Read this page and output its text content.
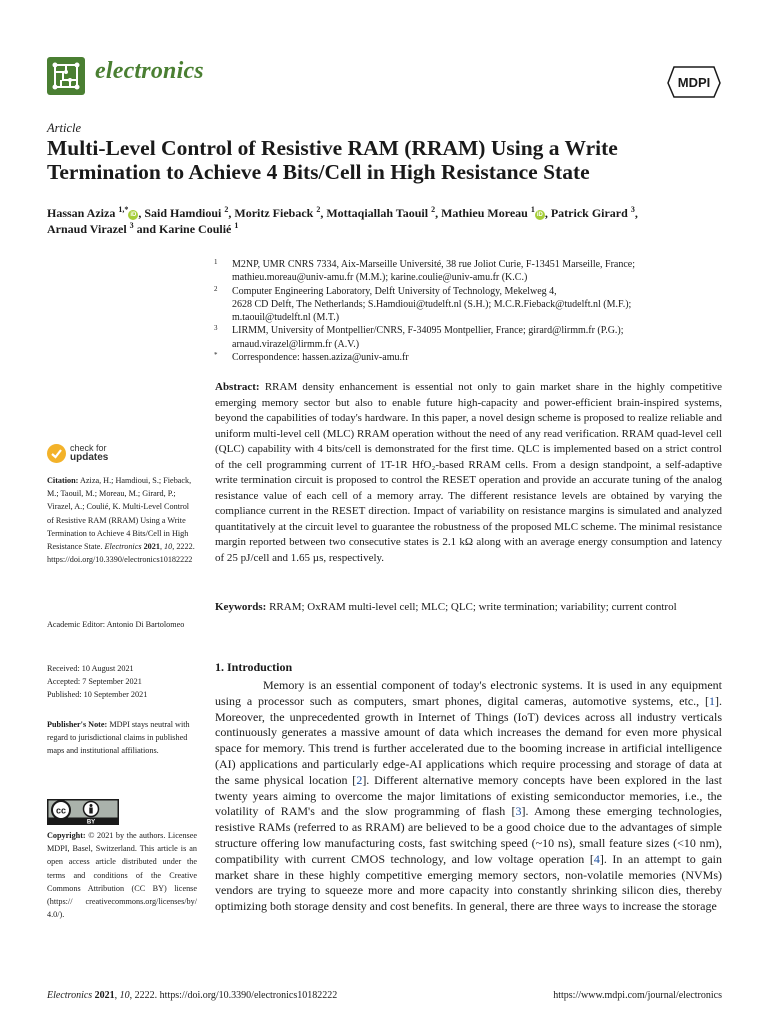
electronics	MDPI
Article
Multi-Level Control of Resistive RAM (RRAM) Using a Write
Termination to Achieve 4 Bits/Cell in High Resistance State
Hassan Aziza $^{1,*}$iD , Said Hamdioui $^2$, Moritz Fieback $^2$, Mottaqiallah Taouil $^2$, Mathieu Moreau $^1$iD , Patrick Girard $^3$,
Arnaud Virazel $^3$ and Karine Coulié $^1$
1 M2NP, UMR CNRS 7334, Aix-Marseille Université, 38 rue Joliot Curie, F-13451 Marseille, France;
mathieu.moreau@univ-amu.fr (M.M.); karine.coulie@univ-amu.fr (K.C.)
2 Computer Engineering Laboratory, Delft University of Technology, Mekelweg 4,
2628 CD Delft, The Netherlands; S.Hamdioui@tudelft.nl (S.H.); M.C.R.Fieback@tudelft.nl (M.F.);
m.taouil@tudelft.nl (M.T.)
3 LIRMM, University of Montpellier/CNRS, F-34095 Montpellier, France; girard@lirmm.fr (P.G.);
arnaud.virazel@lirmm.fr (A.V.)
* Correspondence: hassen.aziza@univ-amu.fr
Abstract: RRAM density enhancement is essential not only to gain market share in the highly competitive emerging memory sector but also to enable future high-capacity and power-efficient brain-inspired systems, beyond the capabilities of today's hardware. In this paper, a novel design scheme is proposed to realize reliable and uniform multi-level cell (MLC) RRAM operation without the need of any read verification. RRAM quad-level cell (QLC) capability with 4 bits/cell is demonstrated for the first time. QLC is implemented based on a strict control of the cell programming current of 1T-1R HfO₂-based RRAM cells. From a design standpoint, a self-adaptive write termination circuit is proposed to control the RESET operation and provide an accurate tuning of the analog resistance value of each cell of a memory array. The different resistance levels are obtained by varying the compliance current in the RESET direction. Impact of variability on resistance margins is simulated and analyzed quantitatively at the circuit level to guarantee the robustness of the proposed MLC scheme. The minimal resistance margin reported between two consecutive states is 2.1 kΩ along with an average energy consumption and latency of 25 pJ/cell and 1.65 µs, respectively.
Keywords: RRAM; OxRAM multi-level cell; MLC; QLC; write termination; variability; current control
check for
updates
Citation: Aziza, H.; Hamdioui, S.; Fieback, M.; Taouil, M.; Moreau, M.; Girard, P.; Virazel, A.; Coulié, K. Multi-Level Control of Resistive RAM (RRAM) Using a Write Termination to Achieve 4 Bits/Cell in High Resistance State. Electronics 2021, 10, 2222. https://doi.org/10.3390/electronics10182222
Academic Editor: Antonio Di Bartolomeo
Received: 10 August 2021
Accepted: 7 September 2021
Published: 10 September 2021
Publisher's Note: MDPI stays neutral with regard to jurisdictional claims in published maps and institutional affiliations.
cc
BY
Copyright: © 2021 by the authors. Licensee MDPI, Basel, Switzerland. This article is an open access article distributed under the terms and conditions of the Creative Commons Attribution (CC BY) license (https:// creativecommons.org/licenses/by/ 4.0/).
1. Introduction
Memory is an essential component of today's electronic systems. It is used in any equipment using a processor such as computers, smart phones, digital cameras, automotive systems, etc., [1]. Moreover, the unprecedented growth in Internet of Things (IoT) devices across all industry verticals continuously generates a massive amount of data which increases the demand for even more physical space for memory. This trend is further accelerated due to the booming increase in artificial intelligence (AI) applications and particularly edge-AI applications which require processing and storage of data at the same physical location [2]. Different alternative memory concepts have been explored in the last twenty years aiming to overcome the major limitations of existing semiconductor memories, i.e., the volatility of RAM's and the slow programming of flash [3]. Among these emerging technologies, resistive RAMs (referred to as RRAM) are believed to be a good choice due to the advantages of simple structure offering low manufacturing costs, fast switching speed (~10 ns), small feature sizes (<10 nm), compatibility with current CMOS technology, and low voltage operation [4]. In an attempt to gain market share in these highly competitive emerging memory sectors, non-volatile memories (NVMs) vendors are trying to squeeze more and more capacity into constantly shrinking silicon dies, thereby optimizing both storage density and cost benefits. In general, there are three ways to increase the storage
Electronics 2021, 10, 2222. https://doi.org/10.3390/electronics10182222	https://www.mdpi.com/journal/electronics
